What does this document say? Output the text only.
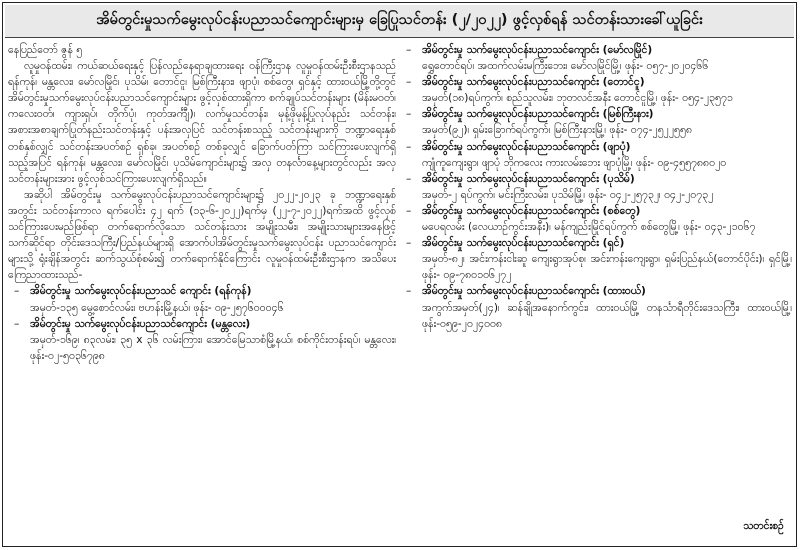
အိမ်တွင်းမှုသက်မွေးလုပ်ငန်းပညာသင်ကျောင်းများမှ ခြေပြုသင်တန်း (၂/၂၀၂၂) ဖွင့်လှစ်ရန် သင်တန်းသားခေါ်ယူခြင်း

နေပြည်တော် ဇွန် ၅

လူမှုဝန်ထမ်း၊ ကယ်ဆယ်ရေးနှင့် ပြန်လည်နေရာချထားရေး ဝန်ကြီးဌာန လူမှုဝန်ထမ်းဦးစီးဌာနသည် ရန်ကုန်၊ မန္တလေး၊ မော်လမြိုင်၊ ပုသိမ်၊ တောင်ငူ၊ မြစ်ကြီးနား၊ ဖျာပုံ၊ စစ်တွေ၊ ရှင်နှင့် ထားဝယ်မြို့တို့တွင် အိမ်တွင်းမှုသက်မွေးလုပ်ငန်းပညာသင်ကျောင်းများ ဖွင့်လှစ်ထားရှိကာ စက်ချုပ်သင်တန်းများ (မိန်းမဝတ်၊ ကလေးဝတ်၊ ကျားရှပ်၊ တိုက်ပုံ၊ ကုတ်အင်္ကျီ)၊ လက်မှုသင်တန်း၊ မုန့်ဖိုမုန့်ပြုလုပ်နည်း သင်တန်း၊ အစားအစာချက်ပြုတ်နည်းသင်တန်းနှင့် ပန်းအလှပြင် သင်တန်းစသည့် သင်တန်းများကို ဘဏ္ဍာရေးနှစ် တစ်နှစ်လျှင် သင်တန်းအပတ်စဉ် ရှစ်ခု၊ အပတ်စဉ် တစ်ခုလျှင် ခြောက်ပတ်ကြာ သင်ကြားပေးလျက်ရှိသည့်အပြင် ရန်ကုန်၊ မန္တလေး၊ မော်လမြိုင်၊ ပုသိမ်ကျောင်းများ၌ အလှ တနင်္လာနေ့များတွင်လည်း အလှ သင်တန်းများအား ဖွင့်လှစ်သင်ကြားပေးလျက်ရှိသည်။

အဆိုပါ အိမ်တွင်းမှု သက်မွေးလုပ်ငန်းပညာသင်ကျောင်းများ၌ ၂၀၂၂-၂၀၂၃ ခု ဘဏ္ဍာရေးနှစ်အတွင်း သင်တန်းကာလ ရက်ပေါင်း ၄၂ ရက် (၁၃-၆-၂၀၂၂)ရက်မှ (၂၂-၇-၂၀၂၂)ရက်အထိ ဖွင့်လှစ်သင်ကြားပေးမည်ဖြစ်ရာ တက်ရောက်လိုသော သင်တန်းသား အမျိုးသမီး၊ အမျိုးသားများအနေဖြင့် သက်ဆိုင်ရာ တိုင်းဒေသကြီး/ပြည်နယ်များရှိ အောက်ပါအိမ်တွင်းမှုသက်မွေးလုပ်ငန်း ပညာသင်ကျောင်းများသို့ ရုံးချိန်အတွင်း ဆက်သွယ်စုံစမ်း၍ တက်ရောက်နိုင်ကြောင်း လူမှုဝန်ထမ်းဦးစီးဌာနက အသိပေးကြေညာထားသည်-

– အိမ်တွင်းမှု သက်မွေးလုပ်ငန်းပညာသင် ကျောင်း (ရန်ကုန်)

အမှတ်-၁၃၅ မွေ့စောင်လမ်း၊ ဗဟန်းမြို့နယ်၊ ဖုန်း- ၀၉-၂၅၇၆၀၀၀၄၆

– အိမ်တွင်းမှု သက်မွေးလုပ်ငန်းပညာသင်ကျောင်း (မန္တလေး)

အမှတ်-၁၆၉၊ ၈၃လမ်း၊ ၃၅ x ၃၆ လမ်းကြား၊ အောင်မြေသာစံမြို့နယ်၊ စစ်ကိုင်းတန်းရပ်၊ မန္တလေး၊ ဖုန်း-၀၂-၅၀၃၆၇၉၈

– အိမ်တွင်းမှု သက်မွေးလုပ်ငန်းပညာသင်ကျောင်း (မော်လမြိုင်)

ရွှေတောင်ရပ်၊ အထက်လမ်းမကြီးဘေး၊ မော်လမြိုင်မြို့၊ ဖုန်း- ၀၅၇-၂၀၂၀၄၆၆

– အိမ်တွင်းမှု သက်မွေးလုပ်ငန်းပညာသင်ကျောင်း (တောင်ငူ)

အမှတ်(၁၈)ရပ်ကွက်၊ စည်သူလမ်း၊ ဘုတလင်အနီး တောင်ငူမြို့၊ ဖုန်း- ၀၅၄-၂၃၅၇၁

– အိမ်တွင်းမှု သက်မွေးလုပ်ငန်းပညာသင်ကျောင်း (မြစ်ကြီးနား)

အမှတ်(၉၂)၊ ရှမ်းခြောက်ရပ်ကွက်၊ မြစ်ကြီးနားမြို့၊ ဖုန်း- ၀၇၄-၂၅၂၂၅၅၈

– အိမ်တွင်းမှု သက်မွေးလုပ်ငန်းပညာသင်ကျောင်း (ဖျာပုံ)

ကျုံကူကျေးရွာ၊ ဖျာပုံ ဘိုကလေး ကားလမ်းဘေး ဖျာပုံမြို့၊ ဖုန်း- ၀၉-၄၅၅၇၈၈၀၂၀

– အိမ်တွင်းမှု သက်မွေးလုပ်ငန်းပညာသင်ကျောင်း (ပုသိမ်)

အမှတ်-၂ ရပ်ကွက်၊ မင်းကြီးလမ်း၊ ပုသိမ်မြို့၊ ဖုန်း- ၀၄၂-၂၅၇၃၂၊ ၀၄၂-၂၀၇၃၂

– အိမ်တွင်းမှု သက်မွေးလုပ်ငန်းပညာသင်ကျောင်း (စစ်တွေ)

မပေရလမ်း (လေယာဉ်ကွင်းအနီး)၊ မန်ကျည်းမြိုင်ရပ်ကွက် စစ်တွေမြို့၊ ဖုန်း- ၀၄၃-၂၁၀၆၇

– အိမ်တွင်းမှု သက်မွေးလုပ်ငန်းပညာသင်ကျောင်း (ရှင်)

အမှတ်-၈၂၊ အင်းကန်းငါးဆူ ကျေးရွာအုပ်စု၊ အင်းကန်းကျေးရွာ၊ ရှမ်းပြည်နယ်(တောင်ပိုင်း)၊ ရှင်မြို့၊ ဖုန်း- ၀၉-၇၈၀၁၀၆၂၇၂

– အိမ်တွင်းမှု သက်မွေးလုပ်ငန်းပညာသင်ကျောင်း (ထားဝယ်)

အကွက်အမှတ်(၂၄)၊ ဆန်ချိုအနောက်ကွင်း၊ ထားဝယ်မြို့ တနင်္သာရီတိုင်းဒေသကြီး၊ ထားဝယ်မြို့၊ ဖုန်း-၀၅၉-၂၀၂၄၀၀၈

သတင်းစဉ်
